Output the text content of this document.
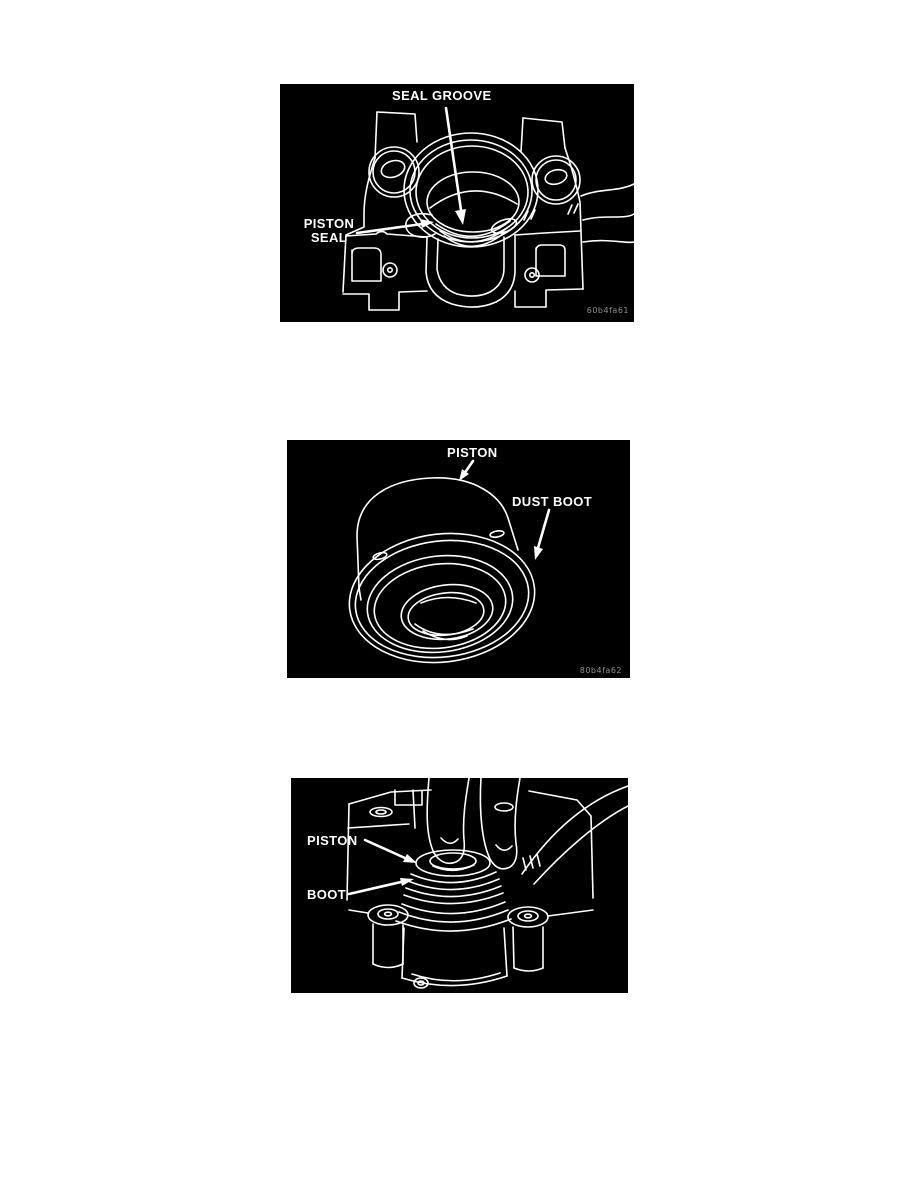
SEAL GROOVE
PISTON
SEAL
60b4fa61
PISTON
DUST BOOT
80b4fa62
PISTON
BOOT
